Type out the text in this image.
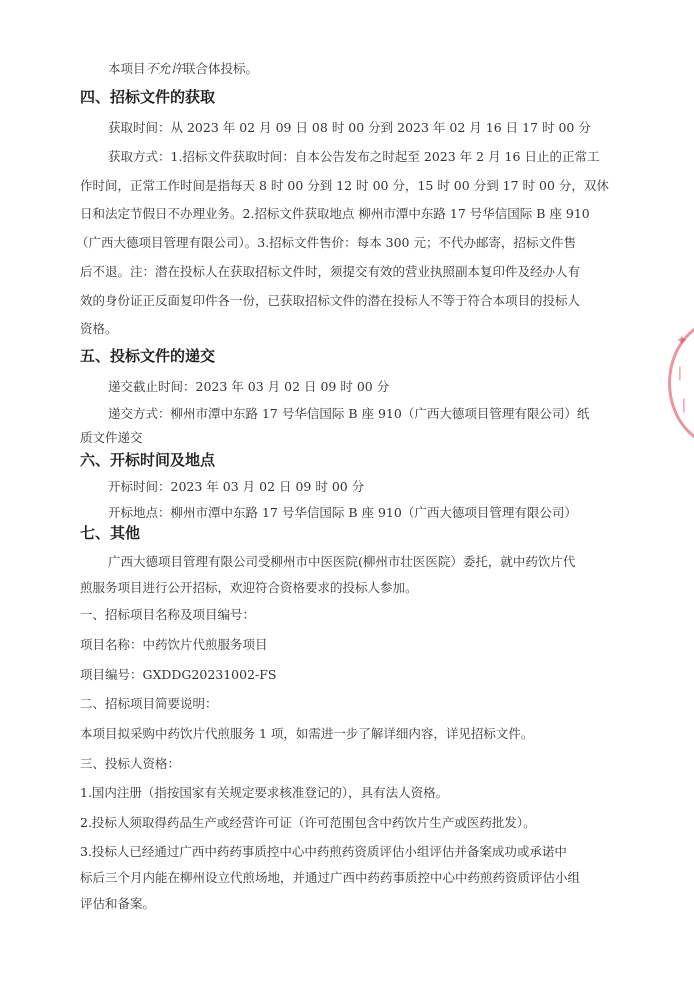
本项目不允许联合体投标。
四、招标文件的获取
获取时间：从 2023 年 02 月 09 日 08 时 00 分到 2023 年 02 月 16 日 17 时 00 分
获取方式：1.招标文件获取时间：自本公告发布之时起至 2023 年 2 月 16 日止的正常工
作时间，正常工作时间是指每天 8 时 00 分到 12 时 00 分，15 时 00 分到 17 时 00 分，双休
日和法定节假日不办理业务。2.招标文件获取地点 柳州市潭中东路 17 号华信国际 B 座 910
（广西大德项目管理有限公司）。3.招标文件售价：每本 300 元；不代办邮寄，招标文件售
后不退。注：潜在投标人在获取招标文件时，须提交有效的营业执照副本复印件及经办人有
效的身份证正反面复印件各一份，已获取招标文件的潜在投标人不等于符合本项目的投标人
资格。
五、投标文件的递交
递交截止时间：2023 年 03 月 02 日 09 时 00 分
递交方式：柳州市潭中东路 17 号华信国际 B 座 910（广西大德项目管理有限公司）纸
质文件递交
六、开标时间及地点
开标时间：2023 年 03 月 02 日 09 时 00 分
开标地点：柳州市潭中东路 17 号华信国际 B 座 910（广西大德项目管理有限公司）
七、其他
广西大德项目管理有限公司受柳州市中医医院(柳州市壮医医院）委托，就中药饮片代
煎服务项目进行公开招标，欢迎符合资格要求的投标人参加。
一、招标项目名称及项目编号：
项目名称：中药饮片代煎服务项目
项目编号：GXDDG20231002-FS
二、招标项目简要说明：
本项目拟采购中药饮片代煎服务 1 项，如需进一步了解详细内容，详见招标文件。
三、投标人资格：
1.国内注册（指按国家有关规定要求核准登记的），具有法人资格。
2.投标人须取得药品生产或经营许可证（许可范围包含中药饮片生产或医药批发）。
3.投标人已经通过广西中药药事质控中心中药煎药资质评估小组评估并备案成功或承诺中
标后三个月内能在柳州设立代煎场地，并通过广西中药药事质控中心中药煎药资质评估小组
评估和备案。
✦
❘
❘
